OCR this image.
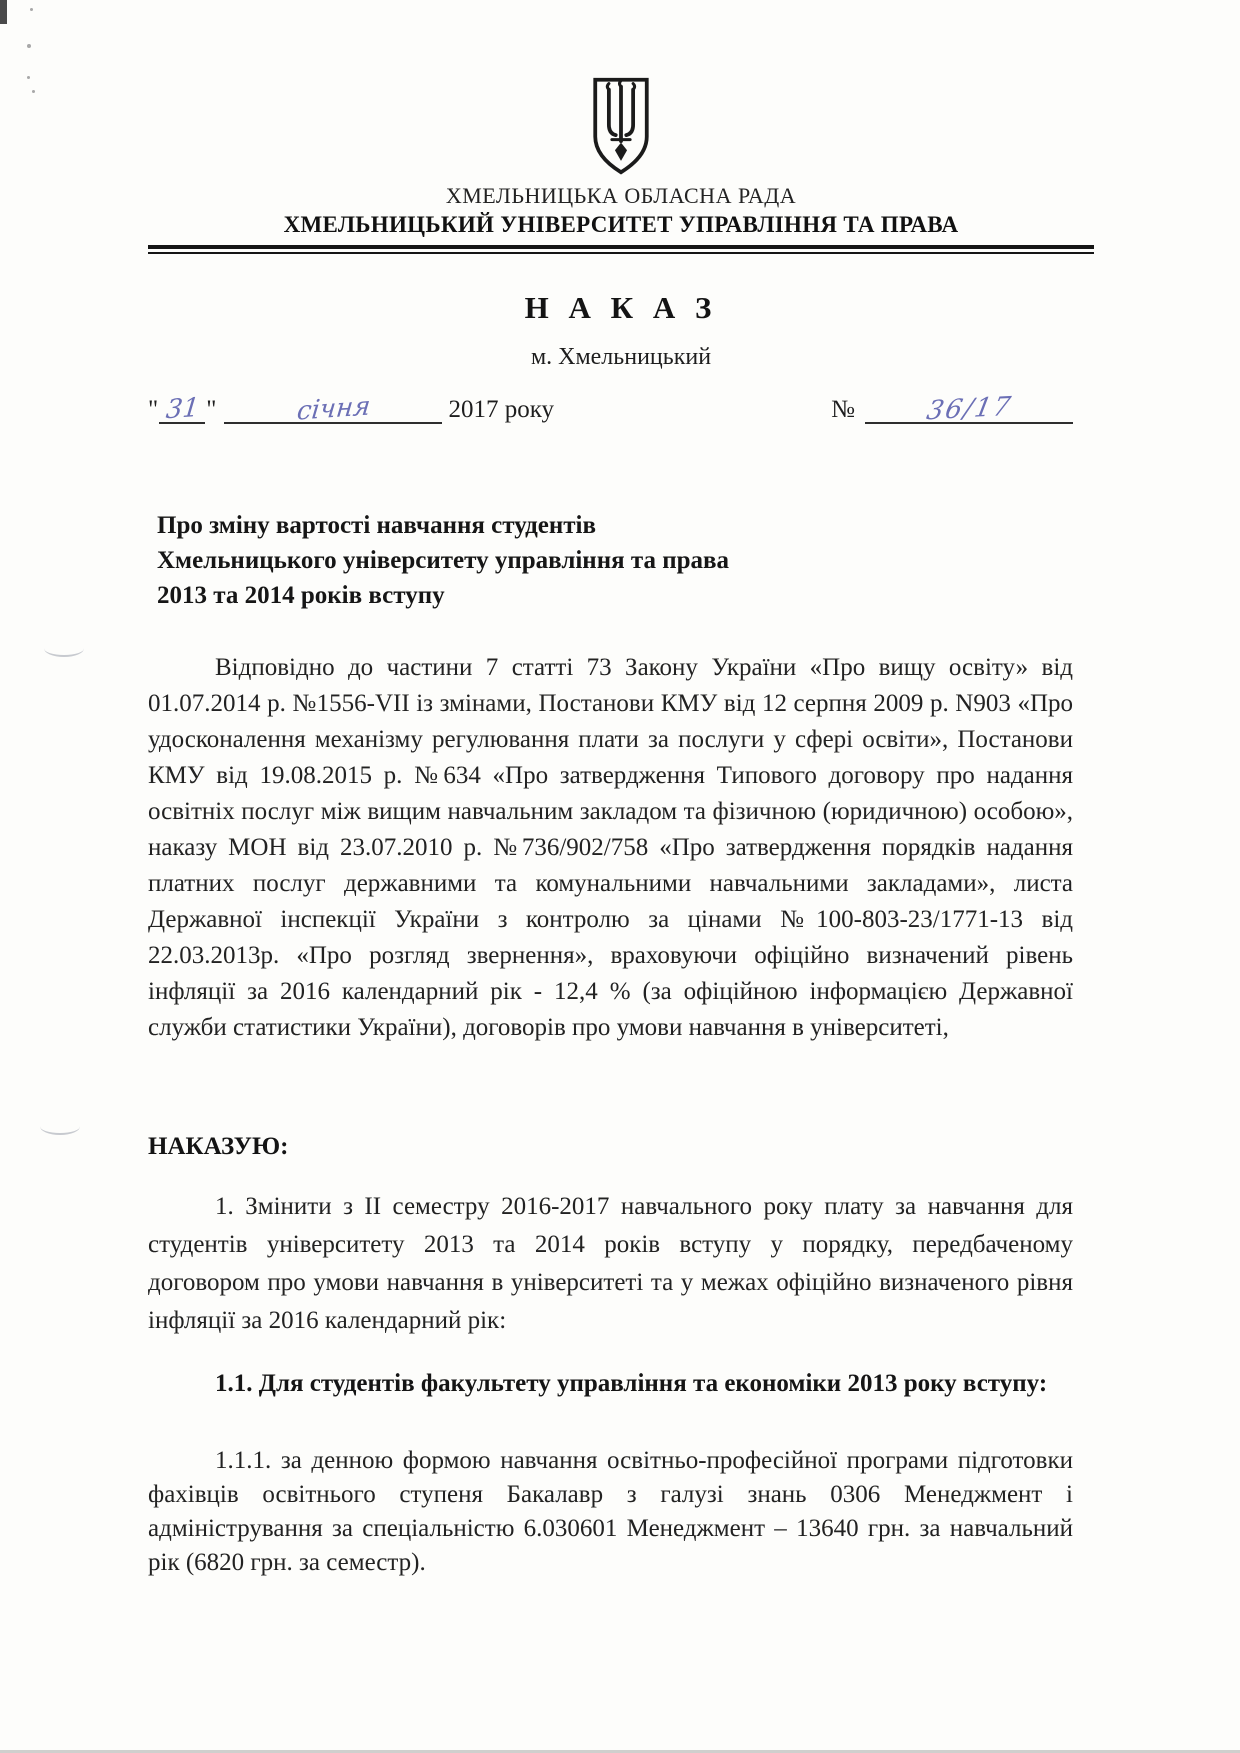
ХМЕЛЬНИЦЬКА ОБЛАСНА РАДА
ХМЕЛЬНИЦЬКИЙ УНІВЕРСИТЕТ УПРАВЛІННЯ ТА ПРАВА
Н А К А З
м. Хмельницький
" 31 "	січня	2017 року	№	36/17
Про зміну вартості навчання студентів
Хмельницького університету управління та права
2013 та 2014 років вступу

Відповідно до частини 7 статті 73 Закону України «Про вищу освіту» від 01.07.2014 р. №1556-VII із змінами, Постанови КМУ від 12 серпня 2009 р. N903 «Про удосконалення механізму регулювання плати за послуги у сфері освіти», Постанови КМУ від 19.08.2015 р. №634 «Про затвердження Типового договору про надання освітніх послуг між вищим навчальним закладом та фізичною (юридичною) особою», наказу МОН від 23.07.2010 р. №736/902/758 «Про затвердження порядків надання платних послуг державними та комунальними навчальними закладами», листа Державної інспекції України з контролю за цінами №100-803-23/1771-13 від 22.03.2013р. «Про розгляд звернення», враховуючи офіційно визначений рівень інфляції за 2016 календарний рік - 12,4 % (за офіційною інформацією Державної служби статистики України), договорів про умови навчання в університеті,

НАКАЗУЮ:

1. Змінити з ІІ семестру 2016-2017 навчального року плату за навчання для студентів університету 2013 та 2014 років вступу у порядку, передбаченому договором про умови навчання в університеті та у межах офіційно визначеного рівня інфляції за 2016 календарний рік:

1.1. Для студентів факультету управління та економіки 2013 року вступу:

1.1.1. за денною формою навчання освітньо-професійної програми підготовки фахівців освітнього ступеня Бакалавр з галузі знань 0306 Менеджмент і адміністрування за спеціальністю 6.030601 Менеджмент – 13640 грн. за навчальний рік (6820 грн. за семестр).
